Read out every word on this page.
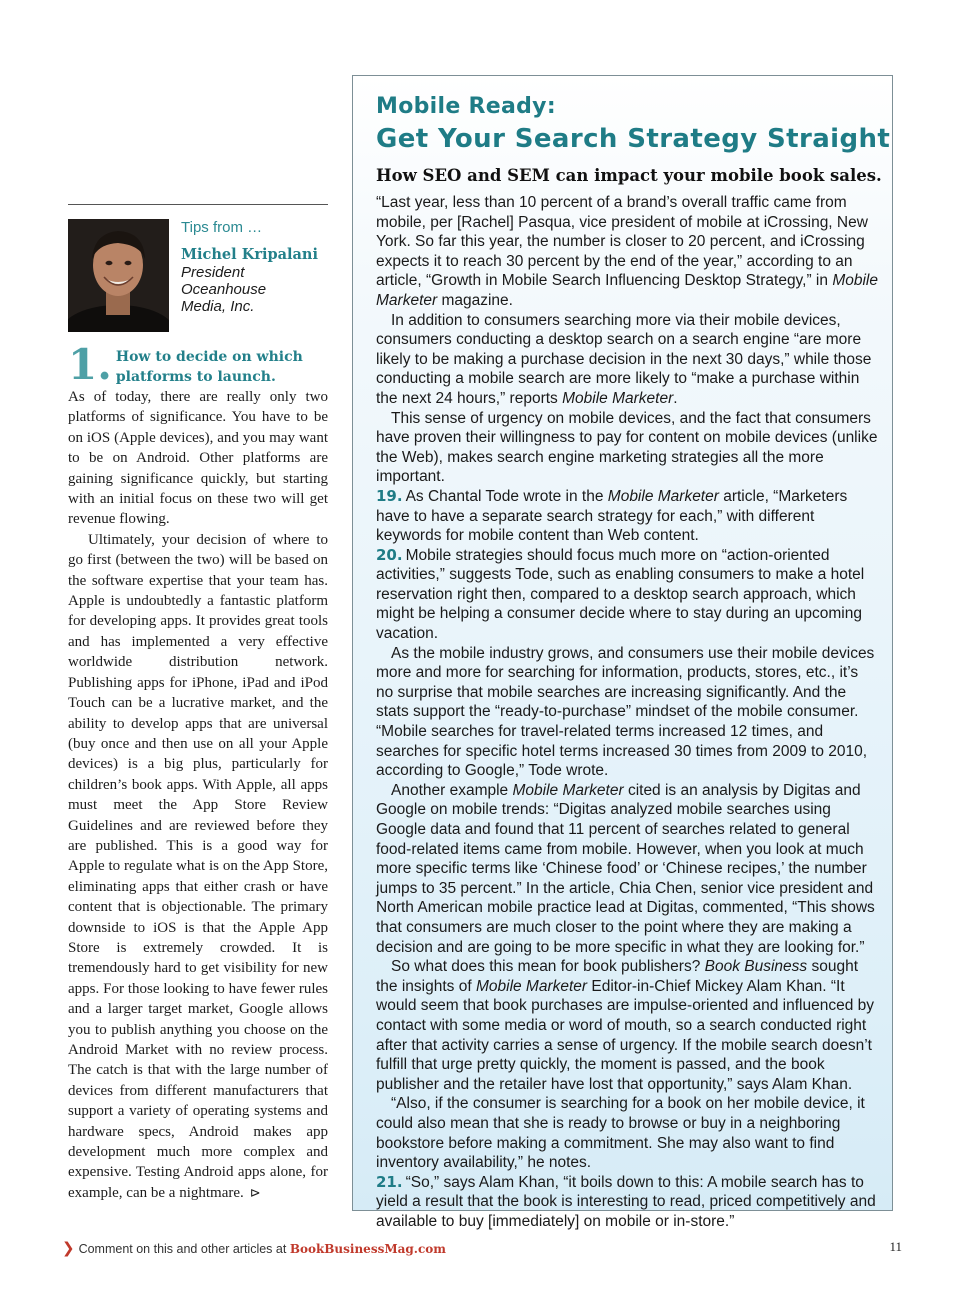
Tips from …
Michel Kripalani
President
Oceanhouse
Media, Inc.
1. How to decide on which platforms to launch.

As of today, there are really only two platforms of significance. You have to be on iOS (Apple devices), and you may want to be on Android. Other platforms are gaining significance quickly, but starting with an initial focus on these two will get revenue flowing.

Ultimately, your decision of where to go first (between the two) will be based on the software expertise that your team has. Apple is undoubtedly a fantastic platform for developing apps. It provides great tools and has implemented a very effective worldwide distribution network. Publishing apps for iPhone, iPad and iPod Touch can be a lucrative market, and the ability to develop apps that are universal (buy once and then use on all your Apple devices) is a big plus, particularly for children’s book apps. With Apple, all apps must meet the App Store Review Guidelines and are reviewed before they are published. This is a good way for Apple to regulate what is on the App Store, eliminating apps that either crash or have content that is objectionable. The primary downside to iOS is that the Apple App Store is extremely crowded. It is tremendously hard to get visibility for new apps. For those looking to have fewer rules and a larger target market, Google allows you to publish anything you choose on the Android Market with no review process. The catch is that with the large number of devices from different manufacturers that support a variety of operating systems and hardware specs, Android makes app development much more complex and expensive. Testing Android apps alone, for example, can be a nightmare. ⊳

Mobile Ready:
Get Your Search Strategy Straight
How SEO and SEM can impact your mobile book sales.

“Last year, less than 10 percent of a brand’s overall traffic came from mobile, per [Rachel] Pasqua, vice president of mobile at iCrossing, New York. So far this year, the number is closer to 20 percent, and iCrossing expects it to reach 30 percent by the end of the year,” according to an article, “Growth in Mobile Search Influencing Desktop Strategy,” in Mobile Marketer magazine.

In addition to consumers searching more via their mobile devices, consumers conducting a desktop search on a search engine “are more likely to be making a purchase decision in the next 30 days,” while those conducting a mobile search are more likely to “make a purchase within the next 24 hours,” reports Mobile Marketer.

This sense of urgency on mobile devices, and the fact that consumers have proven their willingness to pay for content on mobile devices (unlike the Web), makes search engine marketing strategies all the more important.

19. As Chantal Tode wrote in the Mobile Marketer article, “Marketers have to have a separate search strategy for each,” with different keywords for mobile content than Web content.

20. Mobile strategies should focus much more on “action-oriented activities,” suggests Tode, such as enabling consumers to make a hotel reservation right then, compared to a desktop search approach, which might be helping a consumer decide where to stay during an upcoming vacation.

As the mobile industry grows, and consumers use their mobile devices more and more for searching for information, products, stores, etc., it’s no surprise that mobile searches are increasing significantly. And the stats support the “ready-to-purchase” mindset of the mobile consumer. “Mobile searches for travel-related terms increased 12 times, and searches for specific hotel terms increased 30 times from 2009 to 2010, according to Google,” Tode wrote.

Another example Mobile Marketer cited is an analysis by Digitas and Google on mobile trends: “Digitas analyzed mobile searches using Google data and found that 11 percent of searches related to general food-related items came from mobile. However, when you look at much more specific terms like ‘Chinese food’ or ‘Chinese recipes,’ the number jumps to 35 percent.” In the article, Chia Chen, senior vice president and North American mobile practice lead at Digitas, commented, “This shows that consumers are much closer to the point where they are making a decision and are going to be more specific in what they are looking for.”

So what does this mean for book publishers? Book Business sought the insights of Mobile Marketer Editor-in-Chief Mickey Alam Khan. “It would seem that book purchases are impulse-oriented and influenced by contact with some media or word of mouth, so a search conducted right after that activity carries a sense of urgency. If the mobile search doesn’t fulfill that urge pretty quickly, the moment is passed, and the book publisher and the retailer have lost that opportunity,” says Alam Khan.

“Also, if the consumer is searching for a book on her mobile device, it could also mean that she is ready to browse or buy in a neighboring bookstore before making a commitment. She may also want to find inventory availability,” he notes.

21. “So,” says Alam Khan, “it boils down to this: A mobile search has to yield a result that the book is interesting to read, priced competitively and available to buy [immediately] on mobile or in-store.”

❯ Comment on this and other articles at BookBusinessMag.com	11
